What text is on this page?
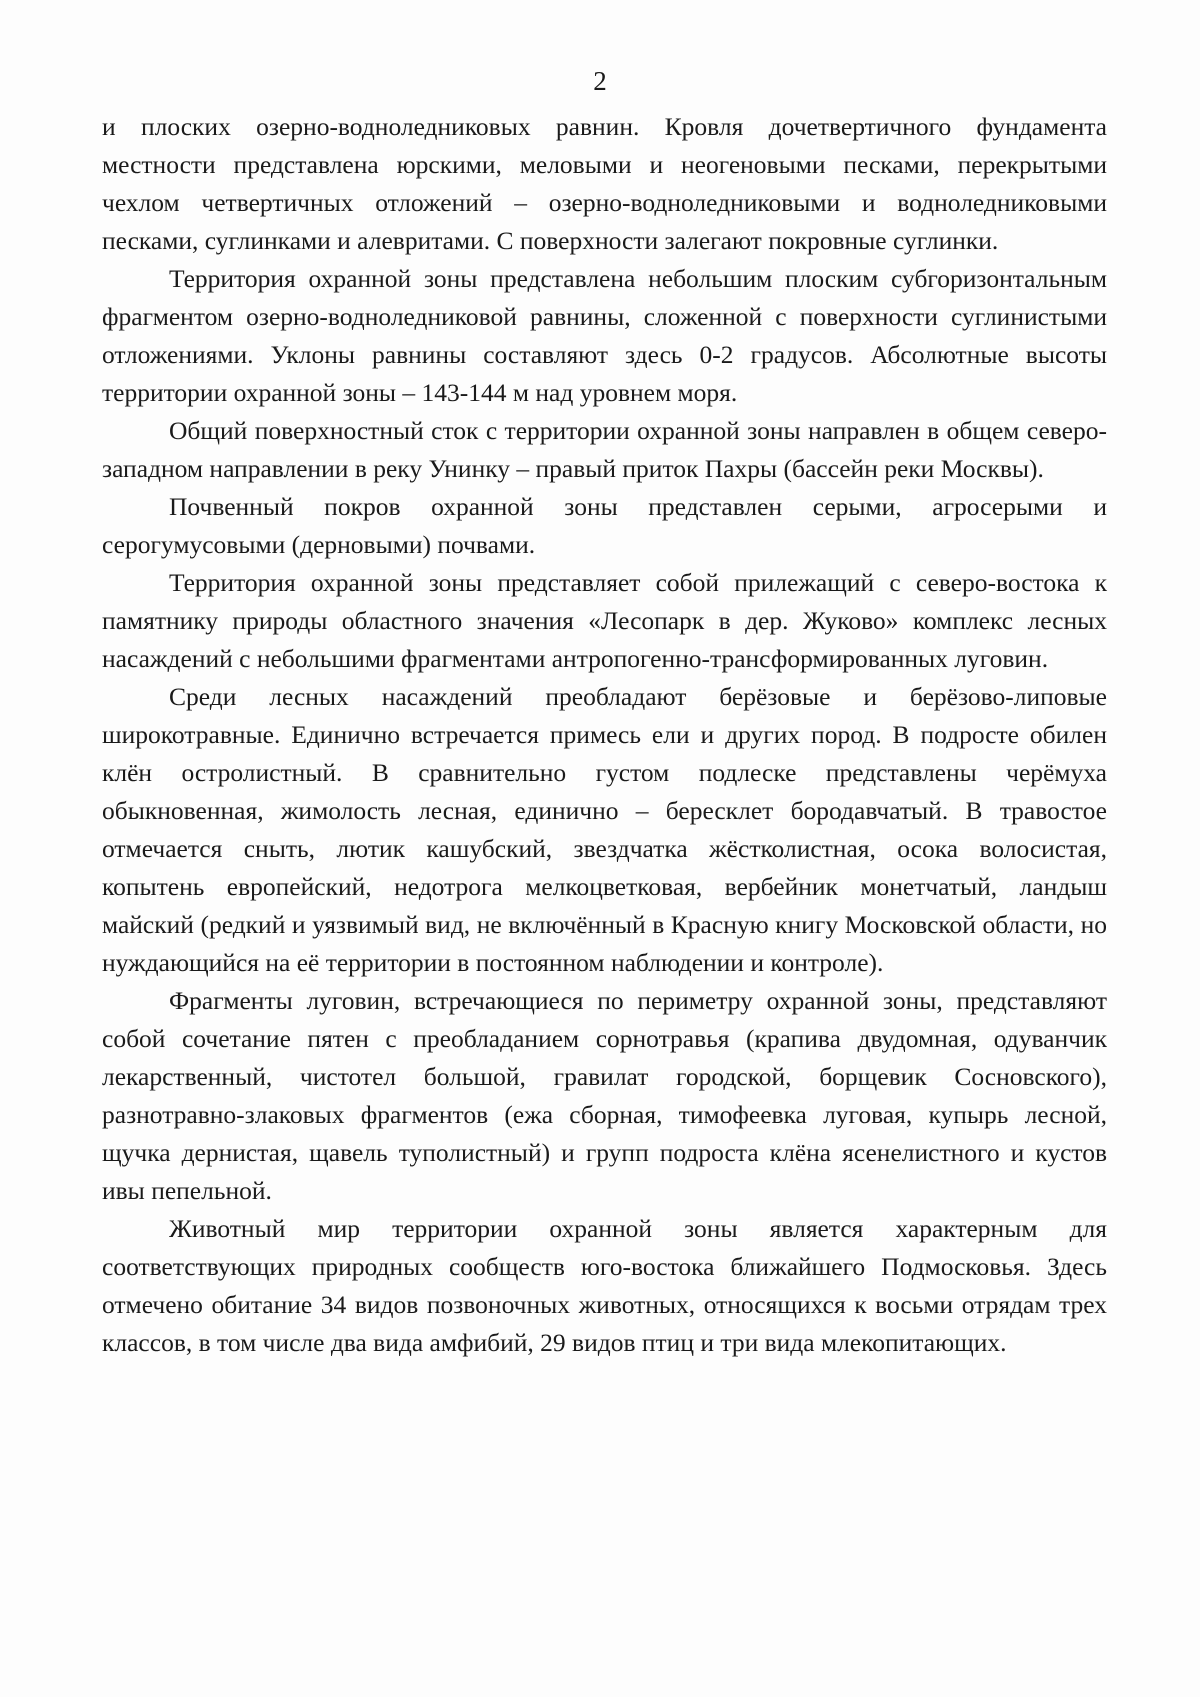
2

и плоских озерно-водноледниковых равнин. Кровля дочетвертичного фундамента местности представлена юрскими, меловыми и неогеновыми песками, перекрытыми чехлом четвертичных отложений – озерно-водноледниковыми и водноледниковыми песками, суглинками и алевритами. С поверхности залегают покровные суглинки.

Территория охранной зоны представлена небольшим плоским субгоризонтальным фрагментом озерно-водноледниковой равнины, сложенной с поверхности суглинистыми отложениями. Уклоны равнины составляют здесь 0-2 градусов. Абсолютные высоты территории охранной зоны – 143-144 м над уровнем моря.

Общий поверхностный сток с территории охранной зоны направлен в общем северо-западном направлении в реку Унинку – правый приток Пахры (бассейн реки Москвы).

Почвенный покров охранной зоны представлен серыми, агросерыми и серогумусовыми (дерновыми) почвами.

Территория охранной зоны представляет собой прилежащий с северо-востока к памятнику природы областного значения «Лесопарк в дер. Жуково» комплекс лесных насаждений с небольшими фрагментами антропогенно-трансформированных луговин.

Среди лесных насаждений преобладают берёзовые и берёзово-липовые широкотравные. Единично встречается примесь ели и других пород. В подросте обилен клён остролистный. В сравнительно густом подлеске представлены черёмуха обыкновенная, жимолость лесная, единично – бересклет бородавчатый. В травостое отмечается сныть, лютик кашубский, звездчатка жёстколистная, осока волосистая, копытень европейский, недотрога мелкоцветковая, вербейник монетчатый, ландыш майский (редкий и уязвимый вид, не включённый в Красную книгу Московской области, но нуждающийся на её территории в постоянном наблюдении и контроле).

Фрагменты луговин, встречающиеся по периметру охранной зоны, представляют собой сочетание пятен с преобладанием сорнотравья (крапива двудомная, одуванчик лекарственный, чистотел большой, гравилат городской, борщевик Сосновского), разнотравно-злаковых фрагментов (ежа сборная, тимофеевка луговая, купырь лесной, щучка дернистая, щавель туполистный) и групп подроста клёна ясенелистного и кустов ивы пепельной.

Животный мир территории охранной зоны является характерным для соответствующих природных сообществ юго-востока ближайшего Подмосковья. Здесь отмечено обитание 34 видов позвоночных животных, относящихся к восьми отрядам трех классов, в том числе два вида амфибий, 29 видов птиц и три вида млекопитающих.
